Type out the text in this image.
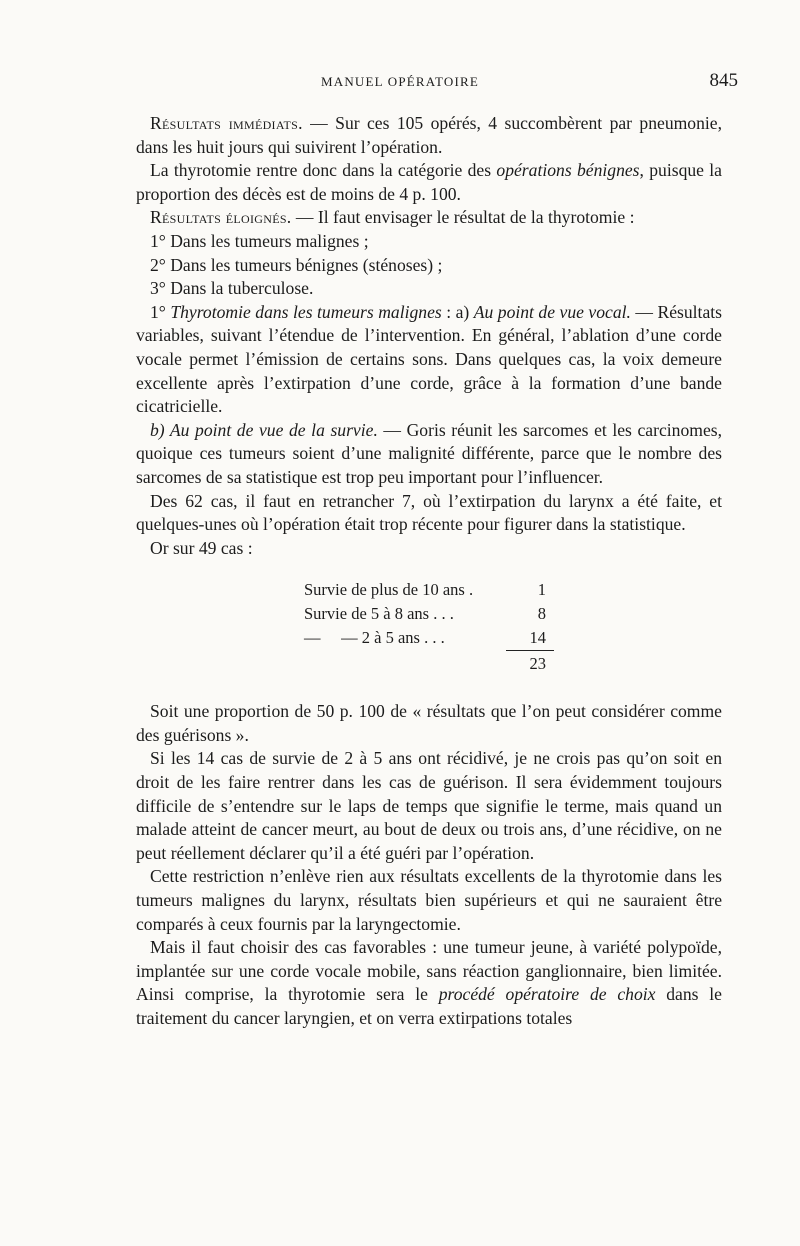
MANUEL OPÉRATOIRE	845

Résultats immédiats. — Sur ces 105 opérés, 4 succombèrent par pneumonie, dans les huit jours qui suivirent l’opération.

La thyrotomie rentre donc dans la catégorie des opérations bénignes, puisque la proportion des décès est de moins de 4 p. 100.

Résultats éloignés. — Il faut envisager le résultat de la thyrotomie :

1° Dans les tumeurs malignes ;

2° Dans les tumeurs bénignes (sténoses) ;

3° Dans la tuberculose.

1° Thyrotomie dans les tumeurs malignes : a) Au point de vue vocal. — Résultats variables, suivant l’étendue de l’intervention. En général, l’ablation d’une corde vocale permet l’émission de certains sons. Dans quelques cas, la voix demeure excellente après l’extirpation d’une corde, grâce à la formation d’une bande cicatricielle.

b) Au point de vue de la survie. — Goris réunit les sarcomes et les carcinomes, quoique ces tumeurs soient d’une malignité différente, parce que le nombre des sarcomes de sa statistique est trop peu important pour l’influencer.

Des 62 cas, il faut en retrancher 7, où l’extirpation du larynx a été faite, et quelques-unes où l’opération était trop récente pour figurer dans la statistique.

Or sur 49 cas :

Survie de plus de 10 ans .	1
Survie de 5 à 8 ans . . .	8
—     — 2 à 5 ans . . .	14
23

Soit une proportion de 50 p. 100 de « résultats que l’on peut considérer comme des guérisons ».

Si les 14 cas de survie de 2 à 5 ans ont récidivé, je ne crois pas qu’on soit en droit de les faire rentrer dans les cas de guérison. Il sera évidemment toujours difficile de s’entendre sur le laps de temps que signifie le terme, mais quand un malade atteint de cancer meurt, au bout de deux ou trois ans, d’une récidive, on ne peut réellement déclarer qu’il a été guéri par l’opération.

Cette restriction n’enlève rien aux résultats excellents de la thyrotomie dans les tumeurs malignes du larynx, résultats bien supérieurs et qui ne sauraient être comparés à ceux fournis par la laryngectomie.

Mais il faut choisir des cas favorables : une tumeur jeune, à variété polypoïde, implantée sur une corde vocale mobile, sans réaction ganglionnaire, bien limitée. Ainsi comprise, la thyrotomie sera le procédé opératoire de choix dans le traitement du cancer laryngien, et on verra extirpations totales
